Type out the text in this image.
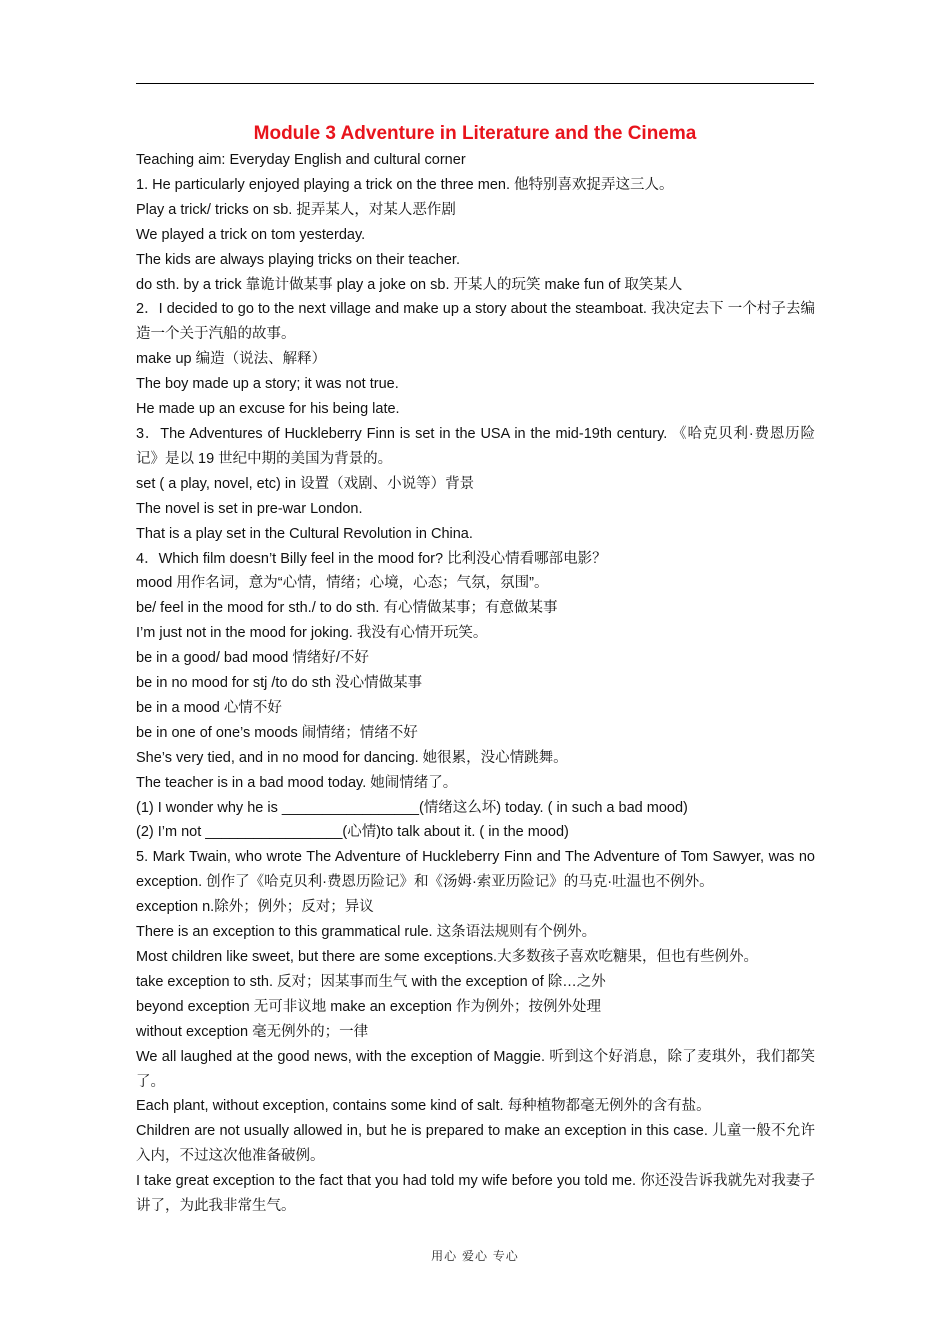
Module 3 Adventure in Literature and the Cinema
Teaching aim: Everyday English and cultural corner
1. He particularly enjoyed playing a trick on the three men. 他特别喜欢捉弄这三人。
Play a trick/ tricks on sb. 捉弄某人，对某人恶作剧
We played a trick on tom yesterday.
The kids are always playing tricks on their teacher.
do sth. by a trick 靠诡计做某事 play a joke on sb. 开某人的玩笑 make fun of 取笑某人
2．I decided to go to the next village and make up a story about the steamboat. 我决定去下 一个村子去编造一个关于汽船的故事。
make up 编造（说法、解释）
The boy made up a story; it was not true.
He made up an excuse for his being late.
3．The Adventures of Huckleberry Finn is set in the USA in the mid-19th century. 《哈克贝利·费恩历险记》是以 19 世纪中期的美国为背景的。
set ( a play, novel, etc) in 设置（戏剧、小说等）背景
The novel is set in pre-war London.
That is a play set in the Cultural Revolution in China.
4．Which film doesn’t Billy feel in the mood for? 比利没心情看哪部电影？
mood 用作名词，意为“心情，情绪；心境，心态；气氛，氛围”。
be/ feel in the mood for sth./ to do sth. 有心情做某事；有意做某事
I’m just not in the mood for joking. 我没有心情开玩笑。
be in a good/ bad mood 情绪好/不好
be in no mood for stj /to do sth 没心情做某事
be in a mood 心情不好
be in one of one’s moods 闹情绪；情绪不好
She’s very tied, and in no mood for dancing. 她很累，没心情跳舞。
The teacher is in a bad mood today. 她闹情绪了。
(1) I wonder why he is _________________(情绪这么坏) today. ( in such a bad mood)
(2) I’m not _________________(心情)to talk about it. ( in the mood)
5. Mark Twain, who wrote The Adventure of Huckleberry Finn and The Adventure of Tom Sawyer, was no exception. 创作了《哈克贝利·费恩历险记》和《汤姆·索亚历险记》的马克·吐温也不例外。
exception n.除外；例外；反对；异议
There is an exception to this grammatical rule. 这条语法规则有个例外。
Most children like sweet, but there are some exceptions.大多数孩子喜欢吃糖果，但也有些例外。
take exception to sth. 反对；因某事而生气 with the exception of 除…之外
beyond exception 无可非议地 make an exception 作为例外；按例外处理
without exception 毫无例外的；一律
We all laughed at the good news, with the exception of Maggie. 听到这个好消息，除了麦琪外，我们都笑了。
Each plant, without exception, contains some kind of salt. 每种植物都毫无例外的含有盐。
Children are not usually allowed in, but he is prepared to make an exception in this case. 儿童一般不允许入内，不过这次他准备破例。
I take great exception to the fact that you had told my wife before you told me. 你还没告诉我就先对我妻子讲了，为此我非常生气。
用心 爱心 专心
